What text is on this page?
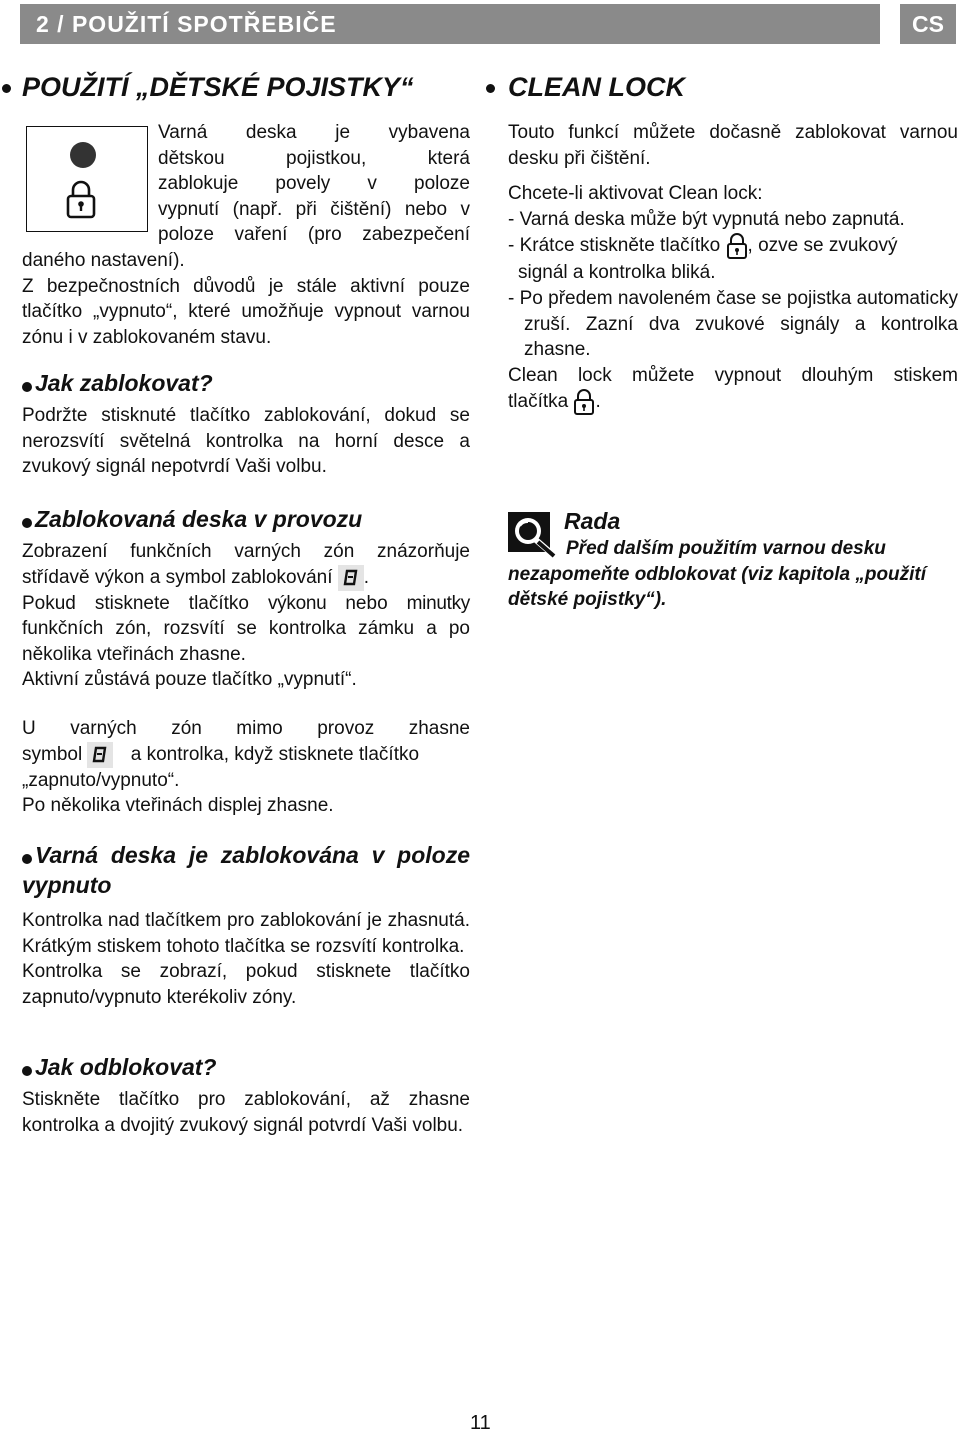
2 / POUŽITÍ SPOTŘEBIČE	CS
POUŽITÍ „DĚTSKÉ POJISTKY“

Varná deska je vybavena

dětskou pojistkou, která

zablokuje povely v poloze

vypnutí (např. při čištění) nebo v

poloze vaření (pro zabezpečení

daného nastavení).

Z bezpečnostních důvodů je stále aktivní pouze tlačítko „vypnuto“, které umožňuje vypnout varnou zónu i v zablokovaném stavu.

Jak zablokovat?

Podržte stisknuté tlačítko zablokování, dokud se nerozsvítí světelná kontrolka na horní desce a zvukový signál nepotvrdí Vaši volbu.

Zablokovaná deska v provozu

Zobrazení funkčních varných zón znázorňuje střídavě výkon a symbol zablokování .

Pokud stisknete tlačítko výkonu nebo minutky funkčních zón, rozsvítí se kontrolka zámku a po několika vteřinách zhasne.

Aktivní zůstává pouze tlačítko „vypnutí“.

U varných zón mimo provoz zhasne

symbol	a kontrolka, když stisknete tlačítko

„zapnuto/vypnuto“.

Po několika vteřinách displej zhasne.

Varná deska je zablokována v poloze vypnuto

Kontrolka nad tlačítkem pro zablokování je zhasnutá. Krátkým stiskem tohoto tlačítka se rozsvítí kontrolka.

Kontrolka se zobrazí, pokud stisknete tlačítko zapnuto/vypnuto kterékoliv zóny.

Jak odblokovat?

Stiskněte tlačítko pro zablokování, až zhasne kontrolka a dvojitý zvukový signál potvrdí Vaši volbu.

CLEAN LOCK

Touto funkcí můžete dočasně zablokovat varnou desku při čištění.

Chcete-li aktivovat Clean lock:

- Varná deska může být vypnutá nebo zapnutá.

- Krátce stiskněte tlačítko , ozve se zvukový

signál a kontrolka bliká.

- Po předem navoleném čase se pojistka automaticky zruší. Zazní dva zvukové signály a kontrolka zhasne.

Clean lock můžete vypnout dlouhým stiskem

tlačítka .

Rada

Před dalším použitím varnou desku nezapomeňte odblokovat (viz kapitola „použití dětské pojistky“).

11
